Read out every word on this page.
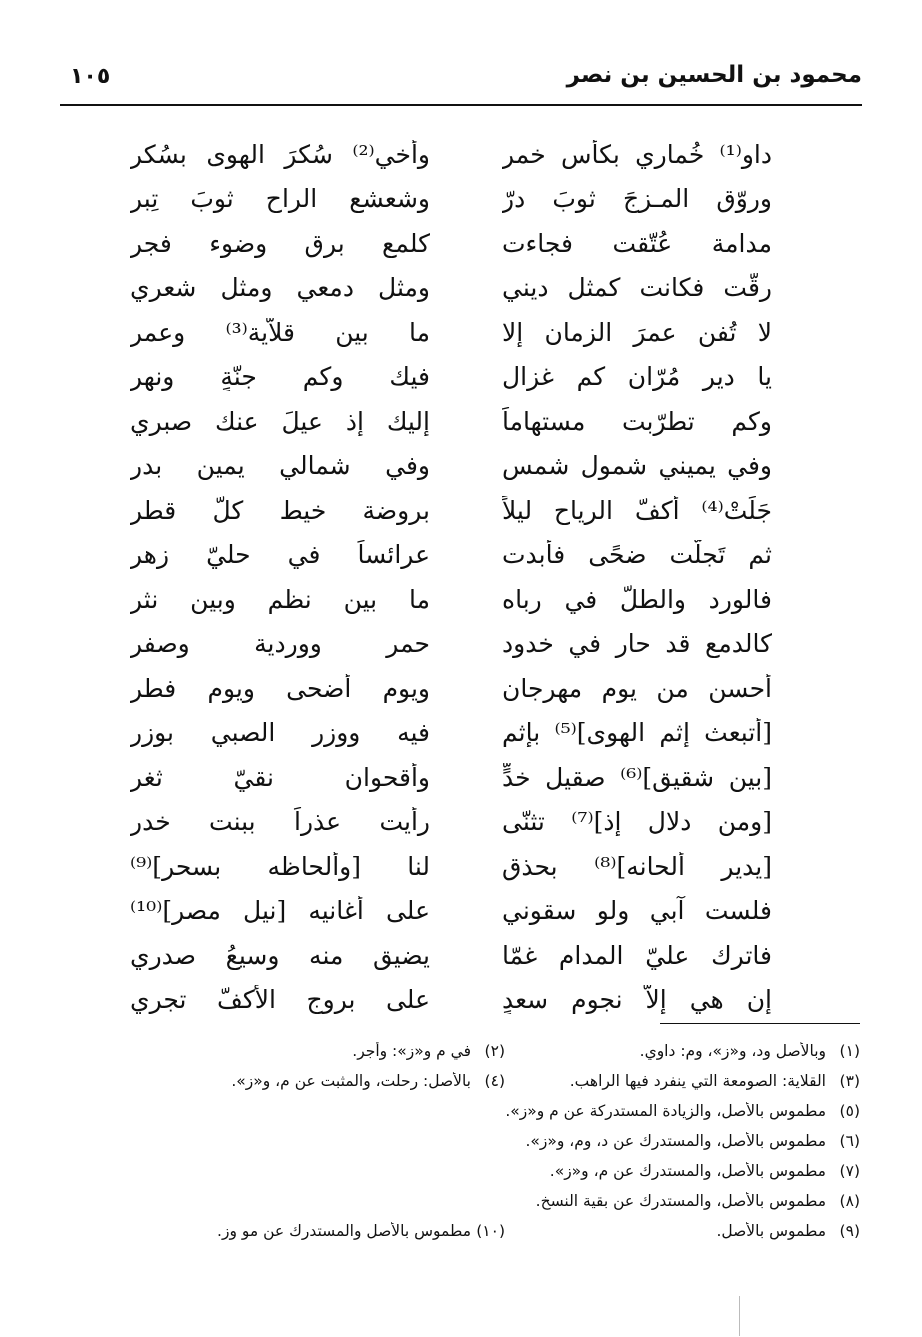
١٠٥	محمود بن الحسين بن نصر
داوِ⁽¹⁾ خُماري بكأسِ خمرِ
وأخي⁽²⁾ سُكرَ الهوى بسُكرِ
وروّق المـزجَ ثوبَ درّ
وشعشع الراح ثوبَ تِبرِ
مدامة عُتّقت فجاءت
كلمع برقٍ وضوء فجر
رقّت فكانت كمثل ديني
ومثلِ دمعي ومثل شعري
لا تُفنِ عمرَ الزمان إلا
ما بين قلاّية⁽³⁾ وعمر
يا دير مُرّان كم غزال
فيك وكم جنّةٍ ونهر
وكم تطرّبت مستهاماً
إليك إذ عيلَ عنك صبري
وفي يميني شمول شمس
وفي شمالي يمين بدر
جَلَتْ⁽⁴⁾ أكفّ الرياح ليلاً
بروضة خيط كلّ قطر
ثم تَجلّت ضحًى فأبدت
عرائساً في حليّ زهر
فالورد والطلّ في رباه
ما بين نظمٍ وبين نثر
كالدمع قد حار في خدود
حمرٍ ووردية وصفر
أحسن من يوم مهرجان
ويوم أضحى ويوم فطر
[أتبعث إثم الهوى]⁽⁵⁾ بإثم
فيه ووزر الصبي بوزر
[بين شقيق]⁽⁶⁾ صقيل خدٍّ
وأقحوان نقيّ ثغر
[ومن دلال إذ]⁽⁷⁾ تثنّى
رأيت عذراً ببنت خدر
[يدير ألحانه]⁽⁸⁾ بحذق
لنا [وألحاظه بسحر]⁽⁹⁾
فلست آبي ولو سقوني
على أغانيه [نيل مصر]⁽¹⁰⁾
فاترك عليّ المدام غمّا
يضيق منه وسيعُ صدري
إن هي إلاّ نجوم سعدٍ
على بروج الأكفّ تجري
(١)وبالأصل ود، و«ز»، وم: داوي.
(٢)في م و«ز»: وأجر.
(٣)القلاية: الصومعة التي ينفرد فيها الراهب.
(٤)بالأصل: رحلت، والمثبت عن م، و«ز».
(٥)مطموس بالأصل، والزيادة المستدركة عن م و«ز».
(٦)مطموس بالأصل، والمستدرك عن د، وم، و«ز».
(٧)مطموس بالأصل، والمستدرك عن م، و«ز».
(٨)مطموس بالأصل، والمستدرك عن بقية النسخ.
(٩)مطموس بالأصل.
(١٠)مطموس بالأصل والمستدرك عن مو وز.
